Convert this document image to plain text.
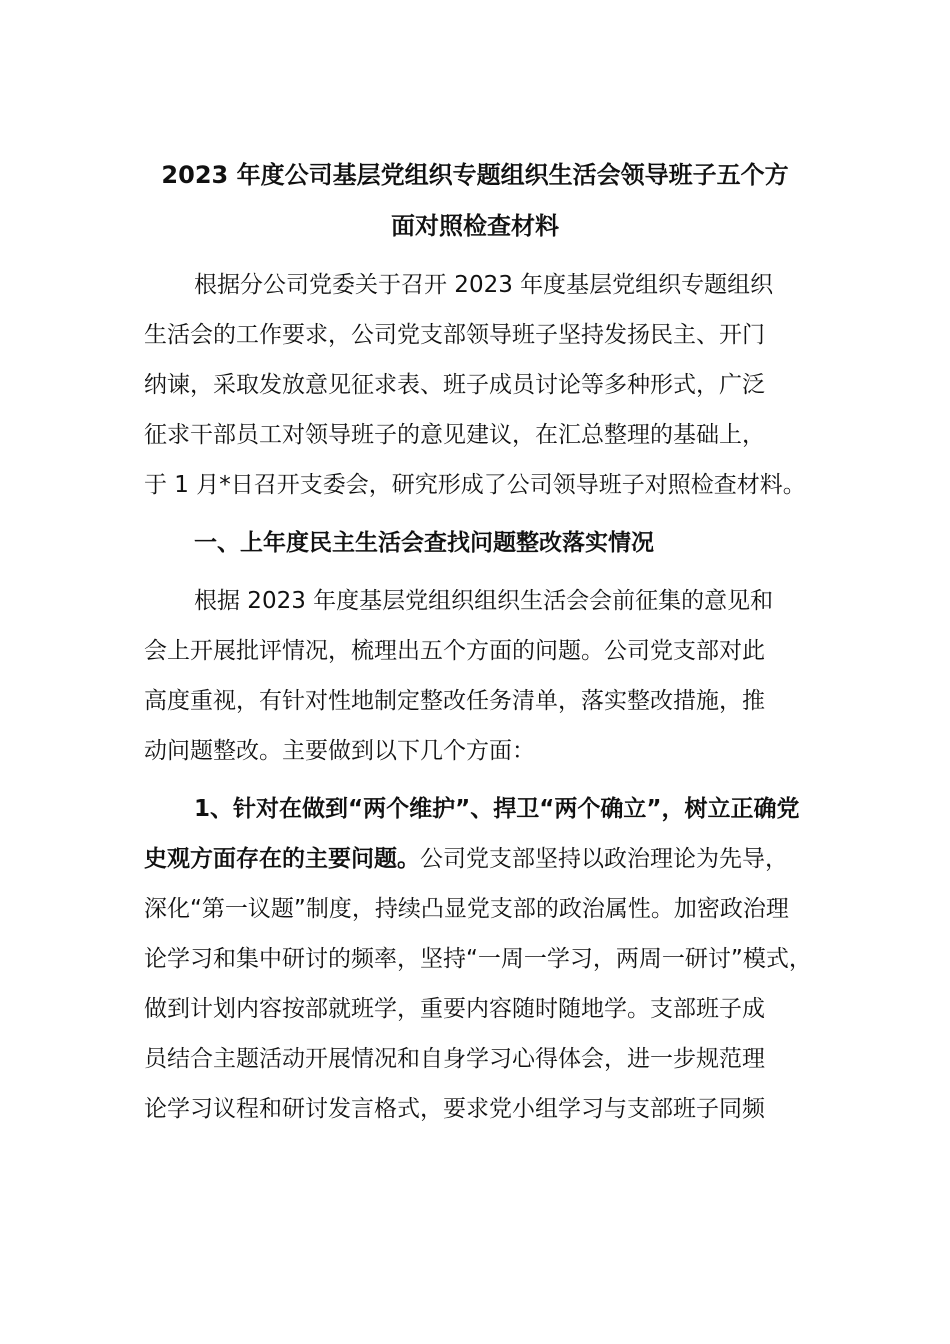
2023 年度公司基层党组织专题组织生活会领导班子五个方
面对照检查材料
根据分公司党委关于召开 2023 年度基层党组织专题组织
生活会的工作要求，公司党支部领导班子坚持发扬民主、开门
纳谏，采取发放意见征求表、班子成员讨论等多种形式，广泛
征求干部员工对领导班子的意见建议，在汇总整理的基础上，
于 1 月*日召开支委会，研究形成了公司领导班子对照检查材料。
一、上年度民主生活会查找问题整改落实情况
根据 2023 年度基层党组织组织生活会会前征集的意见和
会上开展批评情况，梳理出五个方面的问题。公司党支部对此
高度重视，有针对性地制定整改任务清单，落实整改措施，推
动问题整改。主要做到以下几个方面：
1、针对在做到“两个维护”、捍卫“两个确立”，树立正确党
史观方面存在的主要问题。公司党支部坚持以政治理论为先导，
深化“第一议题”制度，持续凸显党支部的政治属性。加密政治理
论学习和集中研讨的频率，坚持“一周一学习，两周一研讨”模式，
做到计划内容按部就班学，重要内容随时随地学。支部班子成
员结合主题活动开展情况和自身学习心得体会，进一步规范理
论学习议程和研讨发言格式，要求党小组学习与支部班子同频
